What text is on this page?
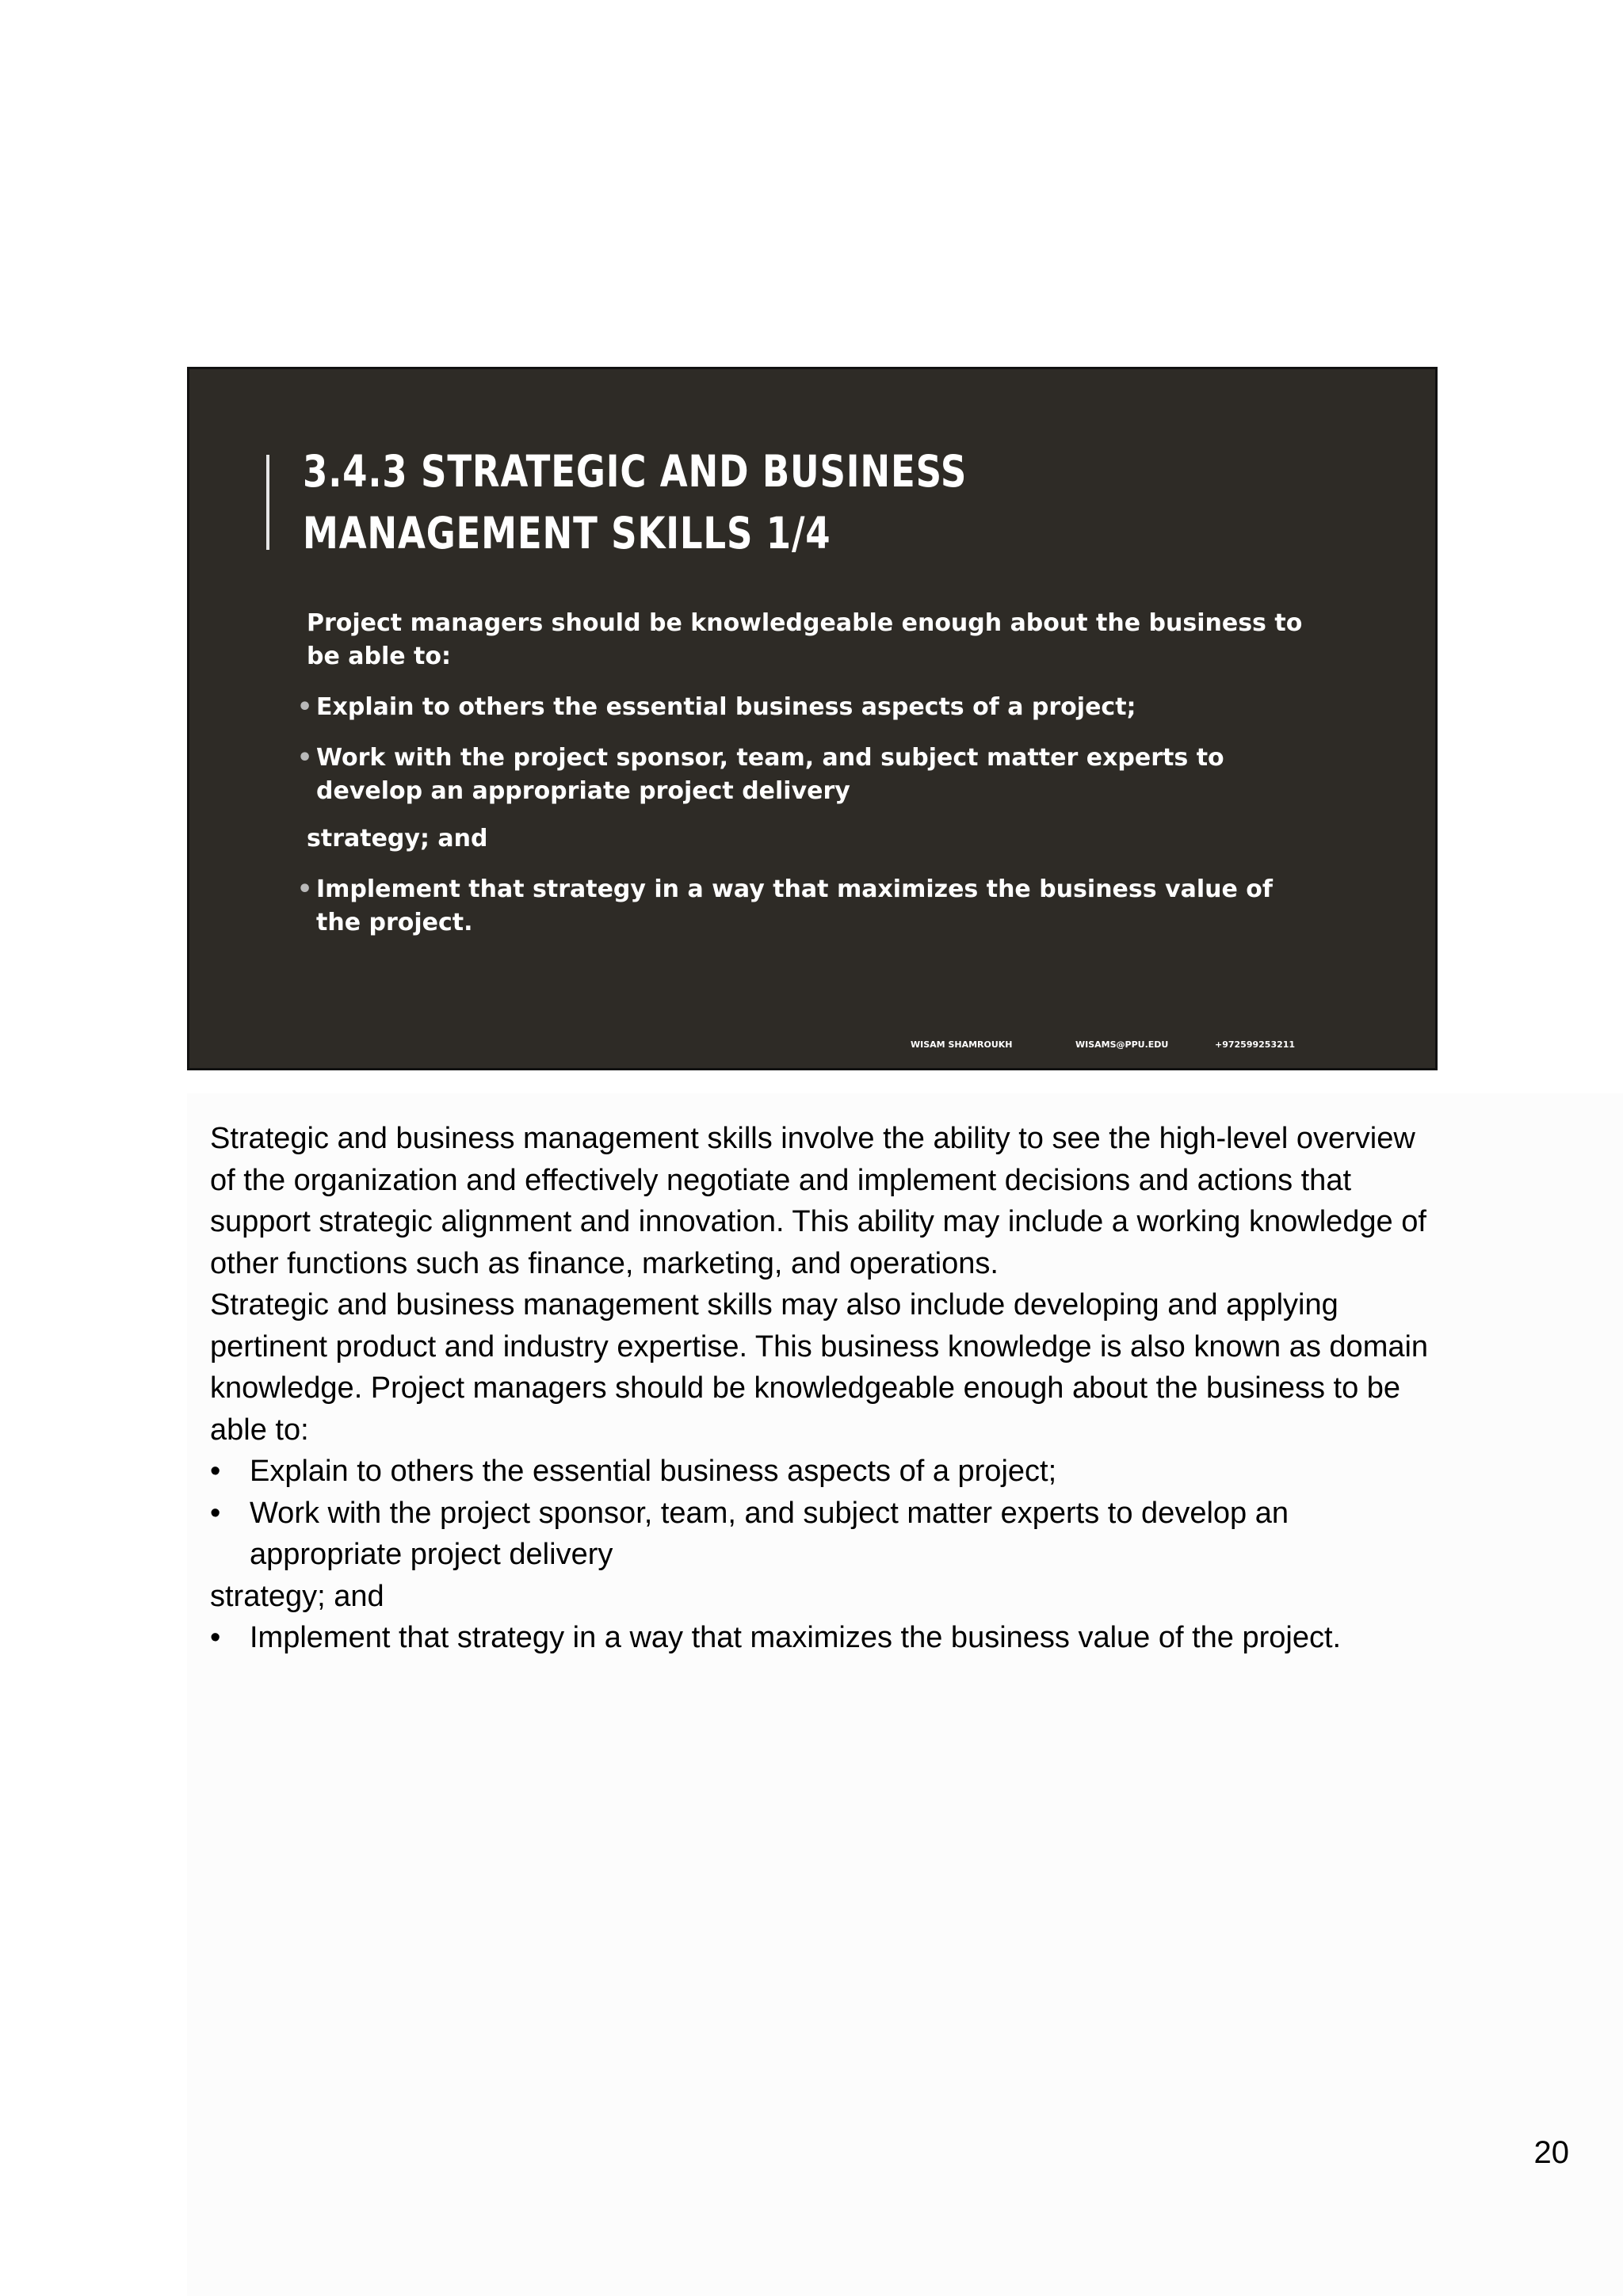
3.4.3 STRATEGIC AND BUSINESS MANAGEMENT SKILLS 1/4

Project managers should be knowledgeable enough about the business to be able to:

• Explain to others the essential business aspects of a project;
• Work with the project sponsor, team, and subject matter experts to develop an appropriate project delivery

strategy; and

• Implement that strategy in a way that maximizes the business value of the project.
WISAM SHAMROUKH	WISAMS@PPU.EDU	+972599253211

Strategic and business management skills involve the ability to see the high-level overview of the organization and effectively negotiate and implement decisions and actions that support strategic alignment and innovation. This ability may include a working knowledge of other functions such as finance, marketing, and operations.

Strategic and business management skills may also include developing and applying pertinent product and industry expertise. This business knowledge is also known as domain knowledge. Project managers should be knowledgeable enough about the business to be able to:

• Explain to others the essential business aspects of a project;
• Work with the project sponsor, team, and subject matter experts to develop an appropriate project delivery

strategy; and

• Implement that strategy in a way that maximizes the business value of the project.
20
